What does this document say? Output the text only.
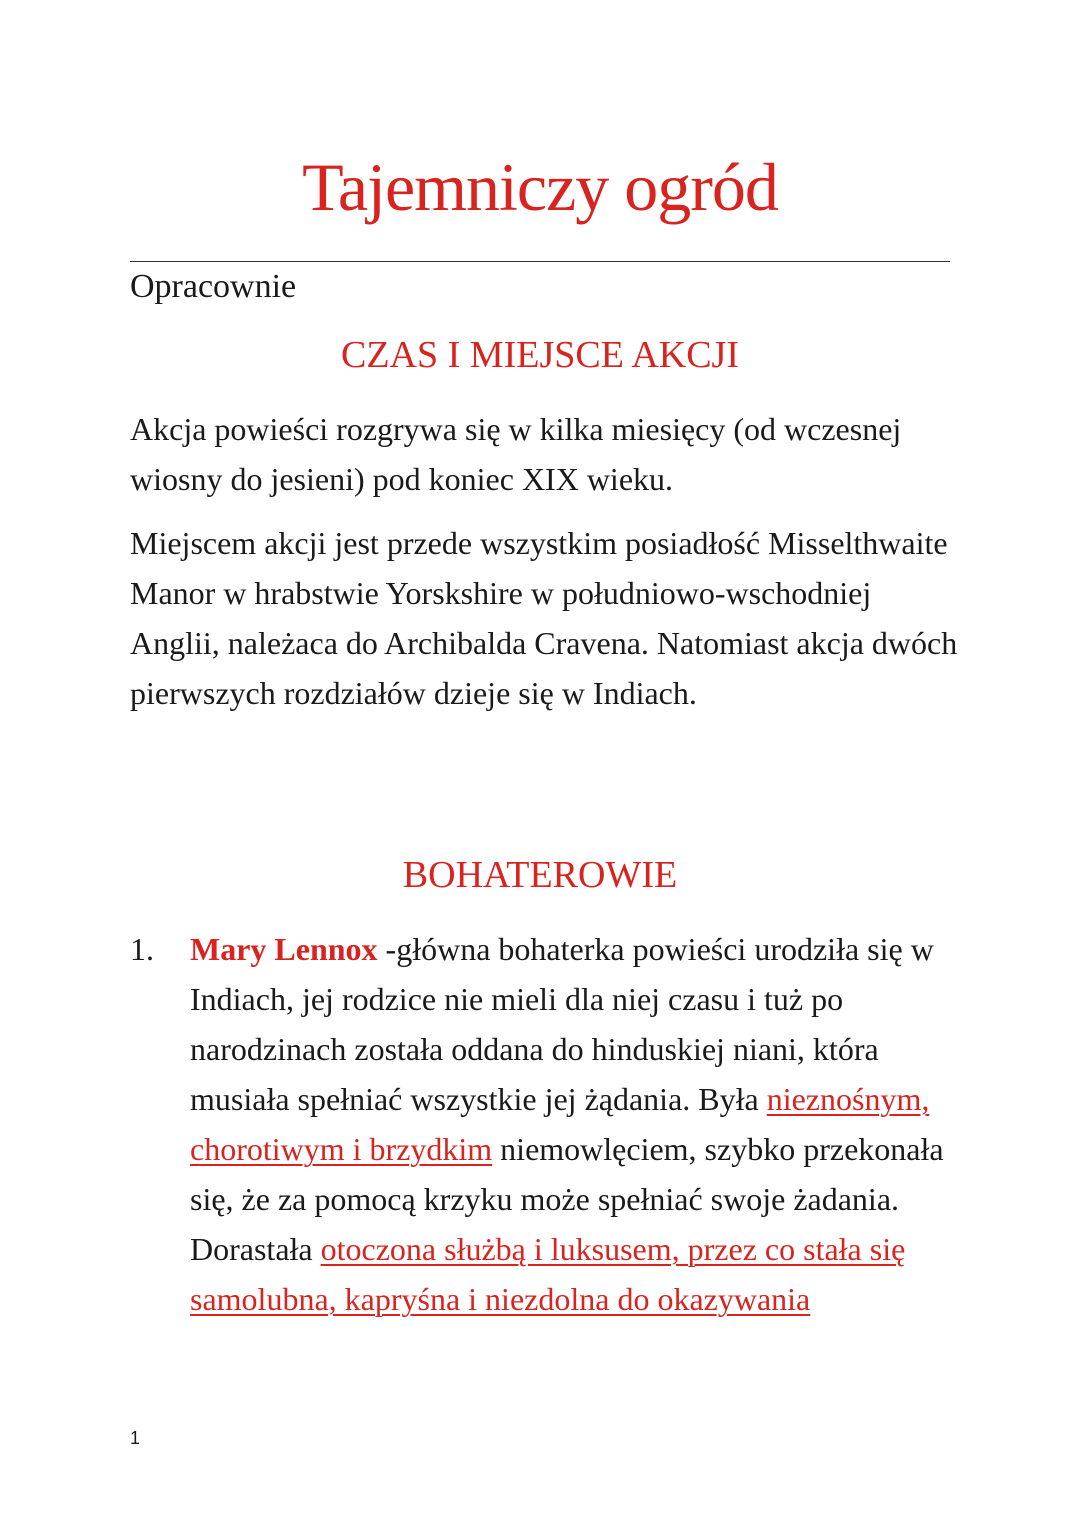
Tajemniczy ogród

Opracownie

CZAS I MIEJSCE AKCJI

Akcja powieści rozgrywa się w kilka miesięcy (od wczesnej wiosny do jesieni) pod koniec XIX wieku.

Miejscem akcji jest przede wszystkim posiadłość Misselthwaite Manor w hrabstwie Yorskshire w południowo-wschodniej Anglii, należaca do Archibalda Cravena. Natomiast akcja dwóch pierwszych rozdziałów dzieje się w Indiach.

BOHATEROWIE
1. Mary Lennox -główna bohaterka powieści urodziła się w Indiach, jej rodzice nie mieli dla niej czasu i tuż po narodzinach została oddana do hinduskiej niani, która musiała spełniać wszystkie jej żądania. Była nieznośnym, chorotiwym i brzydkim niemowlęciem, szybko przekonała się, że za pomocą krzyku może spełniać swoje żadania. Dorastała otoczona służbą i luksusem, przez co stała się samolubna, kapryśna i niezdolna do okazywania

1
